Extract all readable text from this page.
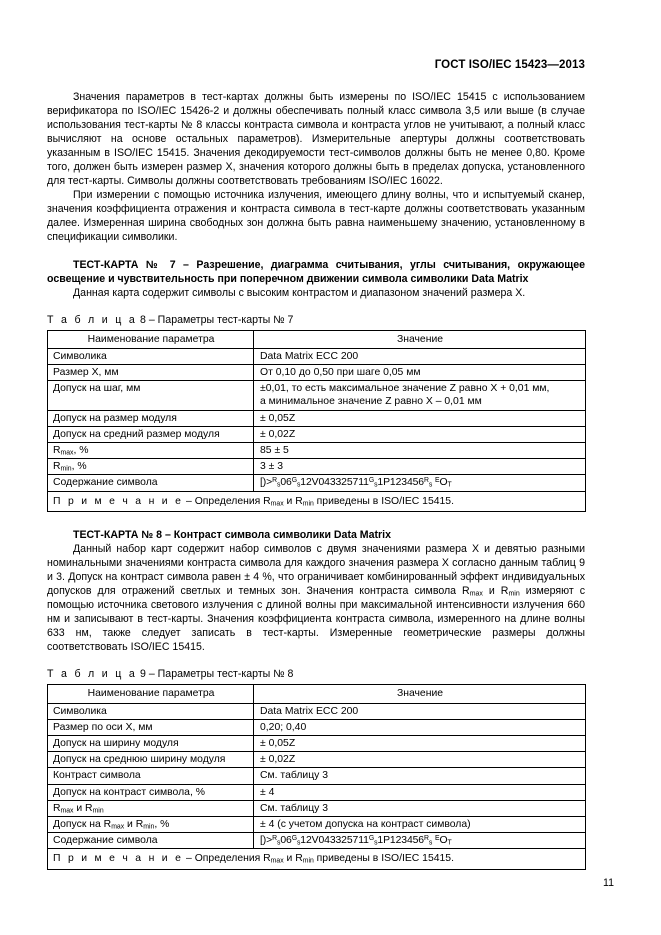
ГОСТ ISO/IEC 15423—2013

Значения параметров в тест-картах должны быть измерены по ISO/IEC 15415 с использованием верификатора по ISO/IEC 15426-2 и должны обеспечивать полный класс символа 3,5 или выше (в случае использования тест-карты № 8 классы контраста символа и контраста углов не учитывают, а полный класс вычисляют на основе остальных параметров). Измерительные апертуры должны соответствовать указанным в ISO/IEC 15415. Значения декодируемости тест-символов должны быть не менее 0,80. Кроме того, должен быть измерен размер X, значения которого должны быть в пределах допуска, установленного для тест-карты. Символы должны соответствовать требованиям ISO/IEC 16022.

При измерении с помощью источника излучения, имеющего длину волны, что и испытуемый сканер, значения коэффициента отражения и контраста символа в тест-карте должны соответствовать указанным далее. Измеренная ширина свободных зон должна быть равна наименьшему значению, установленному в спецификации символики.

ТЕСТ-КАРТА № 7 – Разрешение, диаграмма считывания, углы считывания, окружающее освещение и чувствительность при поперечном движении символа символики Data Matrix

Данная карта содержит символы с высоким контрастом и диапазоном значений размера X.

Т а б л и ц а 8 – Параметры тест-карты № 7
Наименование параметра	Значение
Символика	Data Matrix ECC 200
Размер X, мм	От 0,10 до 0,50 при шаге 0,05 мм
Допуск на шаг, мм	±0,01, то есть максимальное значение Z равно X + 0,01 мм,
а минимальное значение Z равно X – 0,01 мм
Допуск на размер модуля	± 0,05Z
Допуск на средний размер модуля	± 0,02Z
$R_{max}$, %	85 ± 5
$R_{min}$, %	3 ± 3
Содержание символа	$[)>^R_s06^G_s12V043325711^G_s1P123456^R_s$ $^EO_T$
П р и м е ч а н и е – Определения $R_{max}$ и $R_{min}$ приведены в ISO/IEC 15415.	

ТЕСТ-КАРТА № 8 – Контраст символа символики Data Matrix

Данный набор карт содержит набор символов с двумя значениями размера X и девятью разными номинальными значениями контраста символа для каждого значения размера X согласно данным таблиц 9 и 3. Допуск на контраст символа равен ± 4 %, что ограничивает комбинированный эффект индивидуальных допусков для отражений светлых и темных зон. Значения контраста символа $R_{max}$ и $R_{min}$ измеряют с помощью источника светового излучения с длиной волны при максимальной интенсивности излучения 660 нм и записывают в тест-карты. Значения коэффициента контраста символа, измеренного на длине волны 633 нм, также следует записать в тест-карты. Измеренные геометрические размеры должны соответствовать ISO/IEC 15415.

Т а б л и ц а 9 – Параметры тест-карты № 8
Наименование параметра	Значение
Символика	Data Matrix ECC 200
Размер по оси X, мм	0,20; 0,40
Допуск на ширину модуля	± 0,05Z
Допуск на среднюю ширину модуля	± 0,02Z
Контраст символа	См. таблицу 3
Допуск на контраст символа, %	± 4
$R_{max}$ и $R_{min}$	См. таблицу 3
Допуск на $R_{max}$ и $R_{min}$, %	± 4 (с учетом допуска на контраст символа)
Содержание символа	$[)>^R_s06^G_s12V043325711^G_s1P123456^R_s$ $^EO_T$
П р и м е ч а н и е – Определения $R_{max}$ и $R_{min}$ приведены в ISO/IEC 15415.	
11
